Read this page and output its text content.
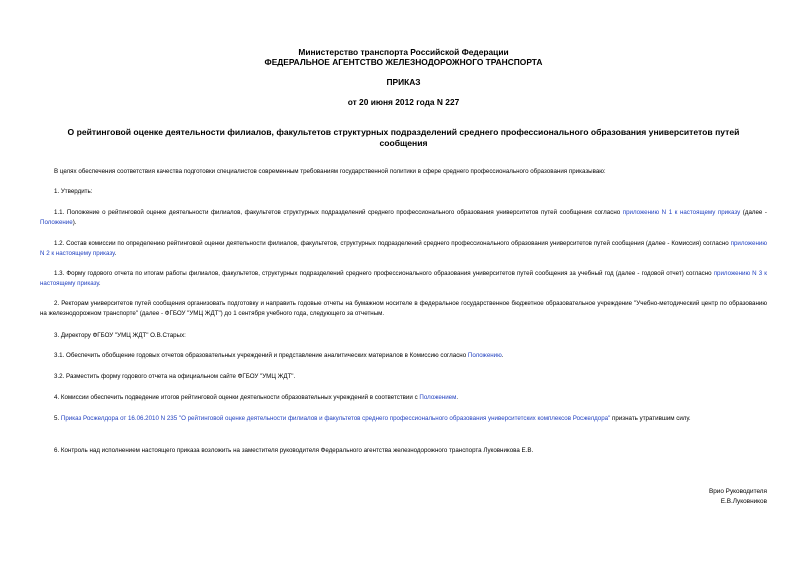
Министерство транспорта Российской Федерации
ФЕДЕРАЛЬНОЕ АГЕНТСТВО ЖЕЛЕЗНОДОРОЖНОГО ТРАНСПОРТА
ПРИКАЗ
от 20 июня 2012 года N 227
О рейтинговой оценке деятельности филиалов, факультетов структурных подразделений среднего профессионального образования университетов путей
сообщения

В целях обеспечения соответствия качества подготовки специалистов современным требованиям государственной политики в сфере среднего профессионального образования приказываю:

1. Утвердить:

1.1. Положение о рейтинговой оценке деятельности филиалов, факультетов структурных подразделений среднего профессионального образования университетов путей сообщения согласно приложению N 1 к настоящему приказу (далее - Положение).

1.2. Состав комиссии по определению рейтинговой оценки деятельности филиалов, факультетов, структурных подразделений среднего профессионального образования университетов путей сообщения (далее - Комиссия) согласно приложению N 2 к настоящему приказу.

1.3. Форму годового отчета по итогам работы филиалов, факультетов, структурных подразделений среднего профессионального образования университетов путей сообщения за учебный год (далее - годовой отчет) согласно приложению N 3 к настоящему приказу.

2. Ректорам университетов путей сообщения организовать подготовку и направить годовые отчеты на бумажном носителе в федеральное государственное бюджетное образовательное учреждение "Учебно-методический центр по образованию на железнодорожном транспорте" (далее - ФГБОУ "УМЦ ЖДТ") до 1 сентября учебного года, следующего за отчетным.

3. Директору ФГБОУ "УМЦ ЖДТ" О.В.Старых:

3.1. Обеспечить обобщение годовых отчетов образовательных учреждений и представление аналитических материалов в Комиссию согласно Положению.

3.2. Разместить форму годового отчета на официальном сайте ФГБОУ "УМЦ ЖДТ".

4. Комиссии обеспечить подведение итогов рейтинговой оценки деятельности образовательных учреждений в соответствии с Положением.

5. Приказ Росжелдора от 16.06.2010 N 235 "О рейтинговой оценке деятельности филиалов и факультетов среднего профессионального образования университетских комплексов Росжелдора" признать утратившим силу.

6. Контроль над исполнением настоящего приказа возложить на заместителя руководителя Федерального агентства железнодорожного транспорта Луковникова Е.В.

Врио Руководителя
Е.В.Луковников
